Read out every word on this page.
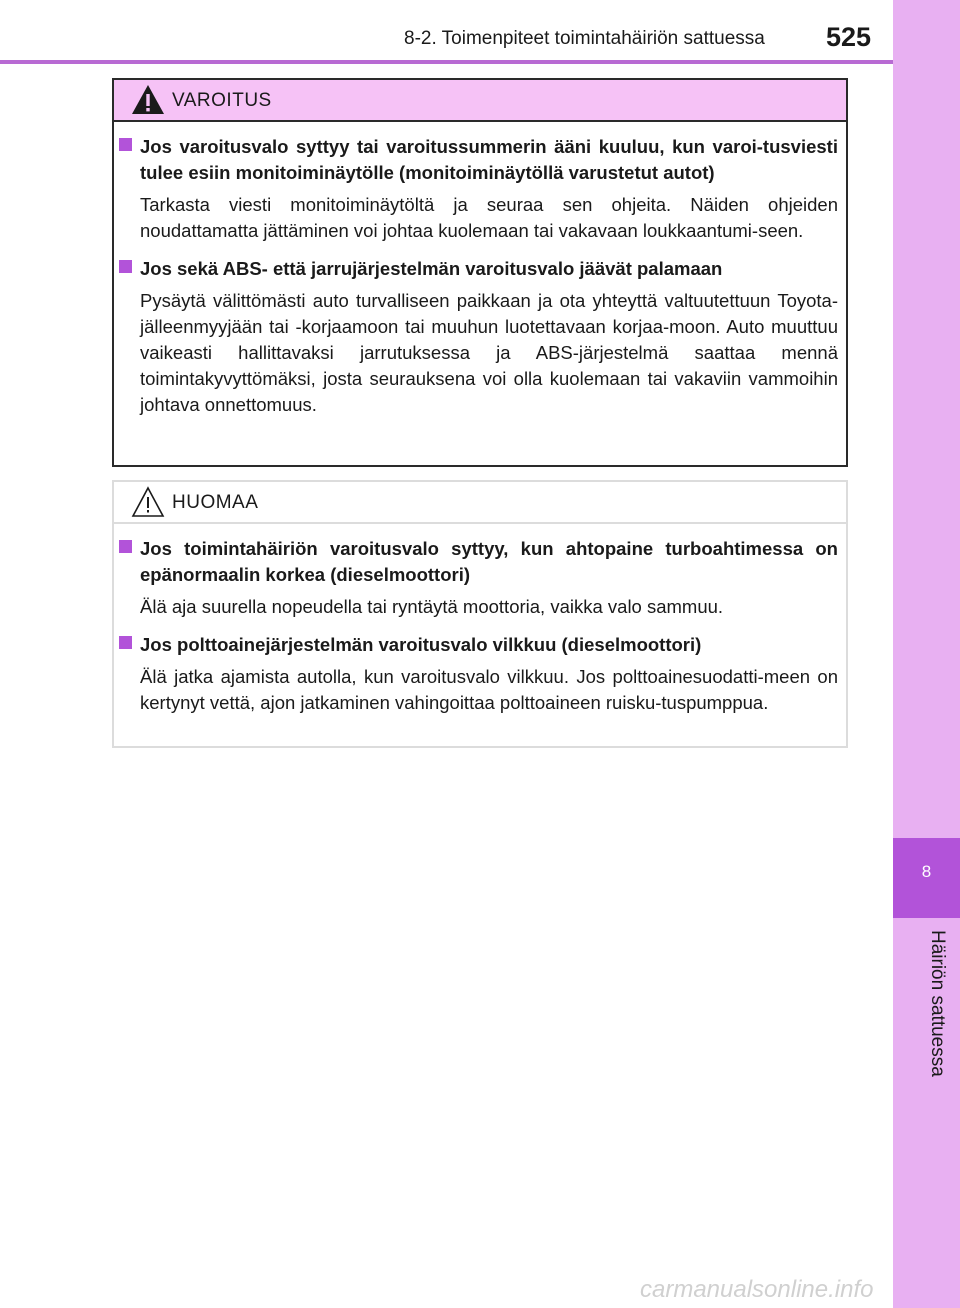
8-2. Toimenpiteet toimintahäiriön sattuessa 525
8
Häiriön sattuessa
VAROITUS

Jos varoitusvalo syttyy tai varoitussummerin ääni kuuluu, kun varoi-tusviesti tulee esiin monitoiminäytölle (monitoiminäytöllä varustetut autot)

Tarkasta viesti monitoiminäytöltä ja seuraa sen ohjeita. Näiden ohjeiden noudattamatta jättäminen voi johtaa kuolemaan tai vakavaan loukkaantumi-seen.

Jos sekä ABS- että jarrujärjestelmän varoitusvalo jäävät palamaan

Pysäytä välittömästi auto turvalliseen paikkaan ja ota yhteyttä valtuutettuun Toyota-jälleenmyyjään tai -korjaamoon tai muuhun luotettavaan korjaa-moon. Auto muuttuu vaikeasti hallittavaksi jarrutuksessa ja ABS-järjestelmä saattaa mennä toimintakyvyttömäksi, josta seurauksena voi olla kuolemaan tai vakaviin vammoihin johtava onnettomuus.

HUOMAA

Jos toimintahäiriön varoitusvalo syttyy, kun ahtopaine turboahtimessa on epänormaalin korkea (dieselmoottori)

Älä aja suurella nopeudella tai ryntäytä moottoria, vaikka valo sammuu.

Jos polttoainejärjestelmän varoitusvalo vilkkuu (dieselmoottori)

Älä jatka ajamista autolla, kun varoitusvalo vilkkuu. Jos polttoainesuodatti-meen on kertynyt vettä, ajon jatkaminen vahingoittaa polttoaineen ruisku-tuspumppua.

carmanualsonline.info
